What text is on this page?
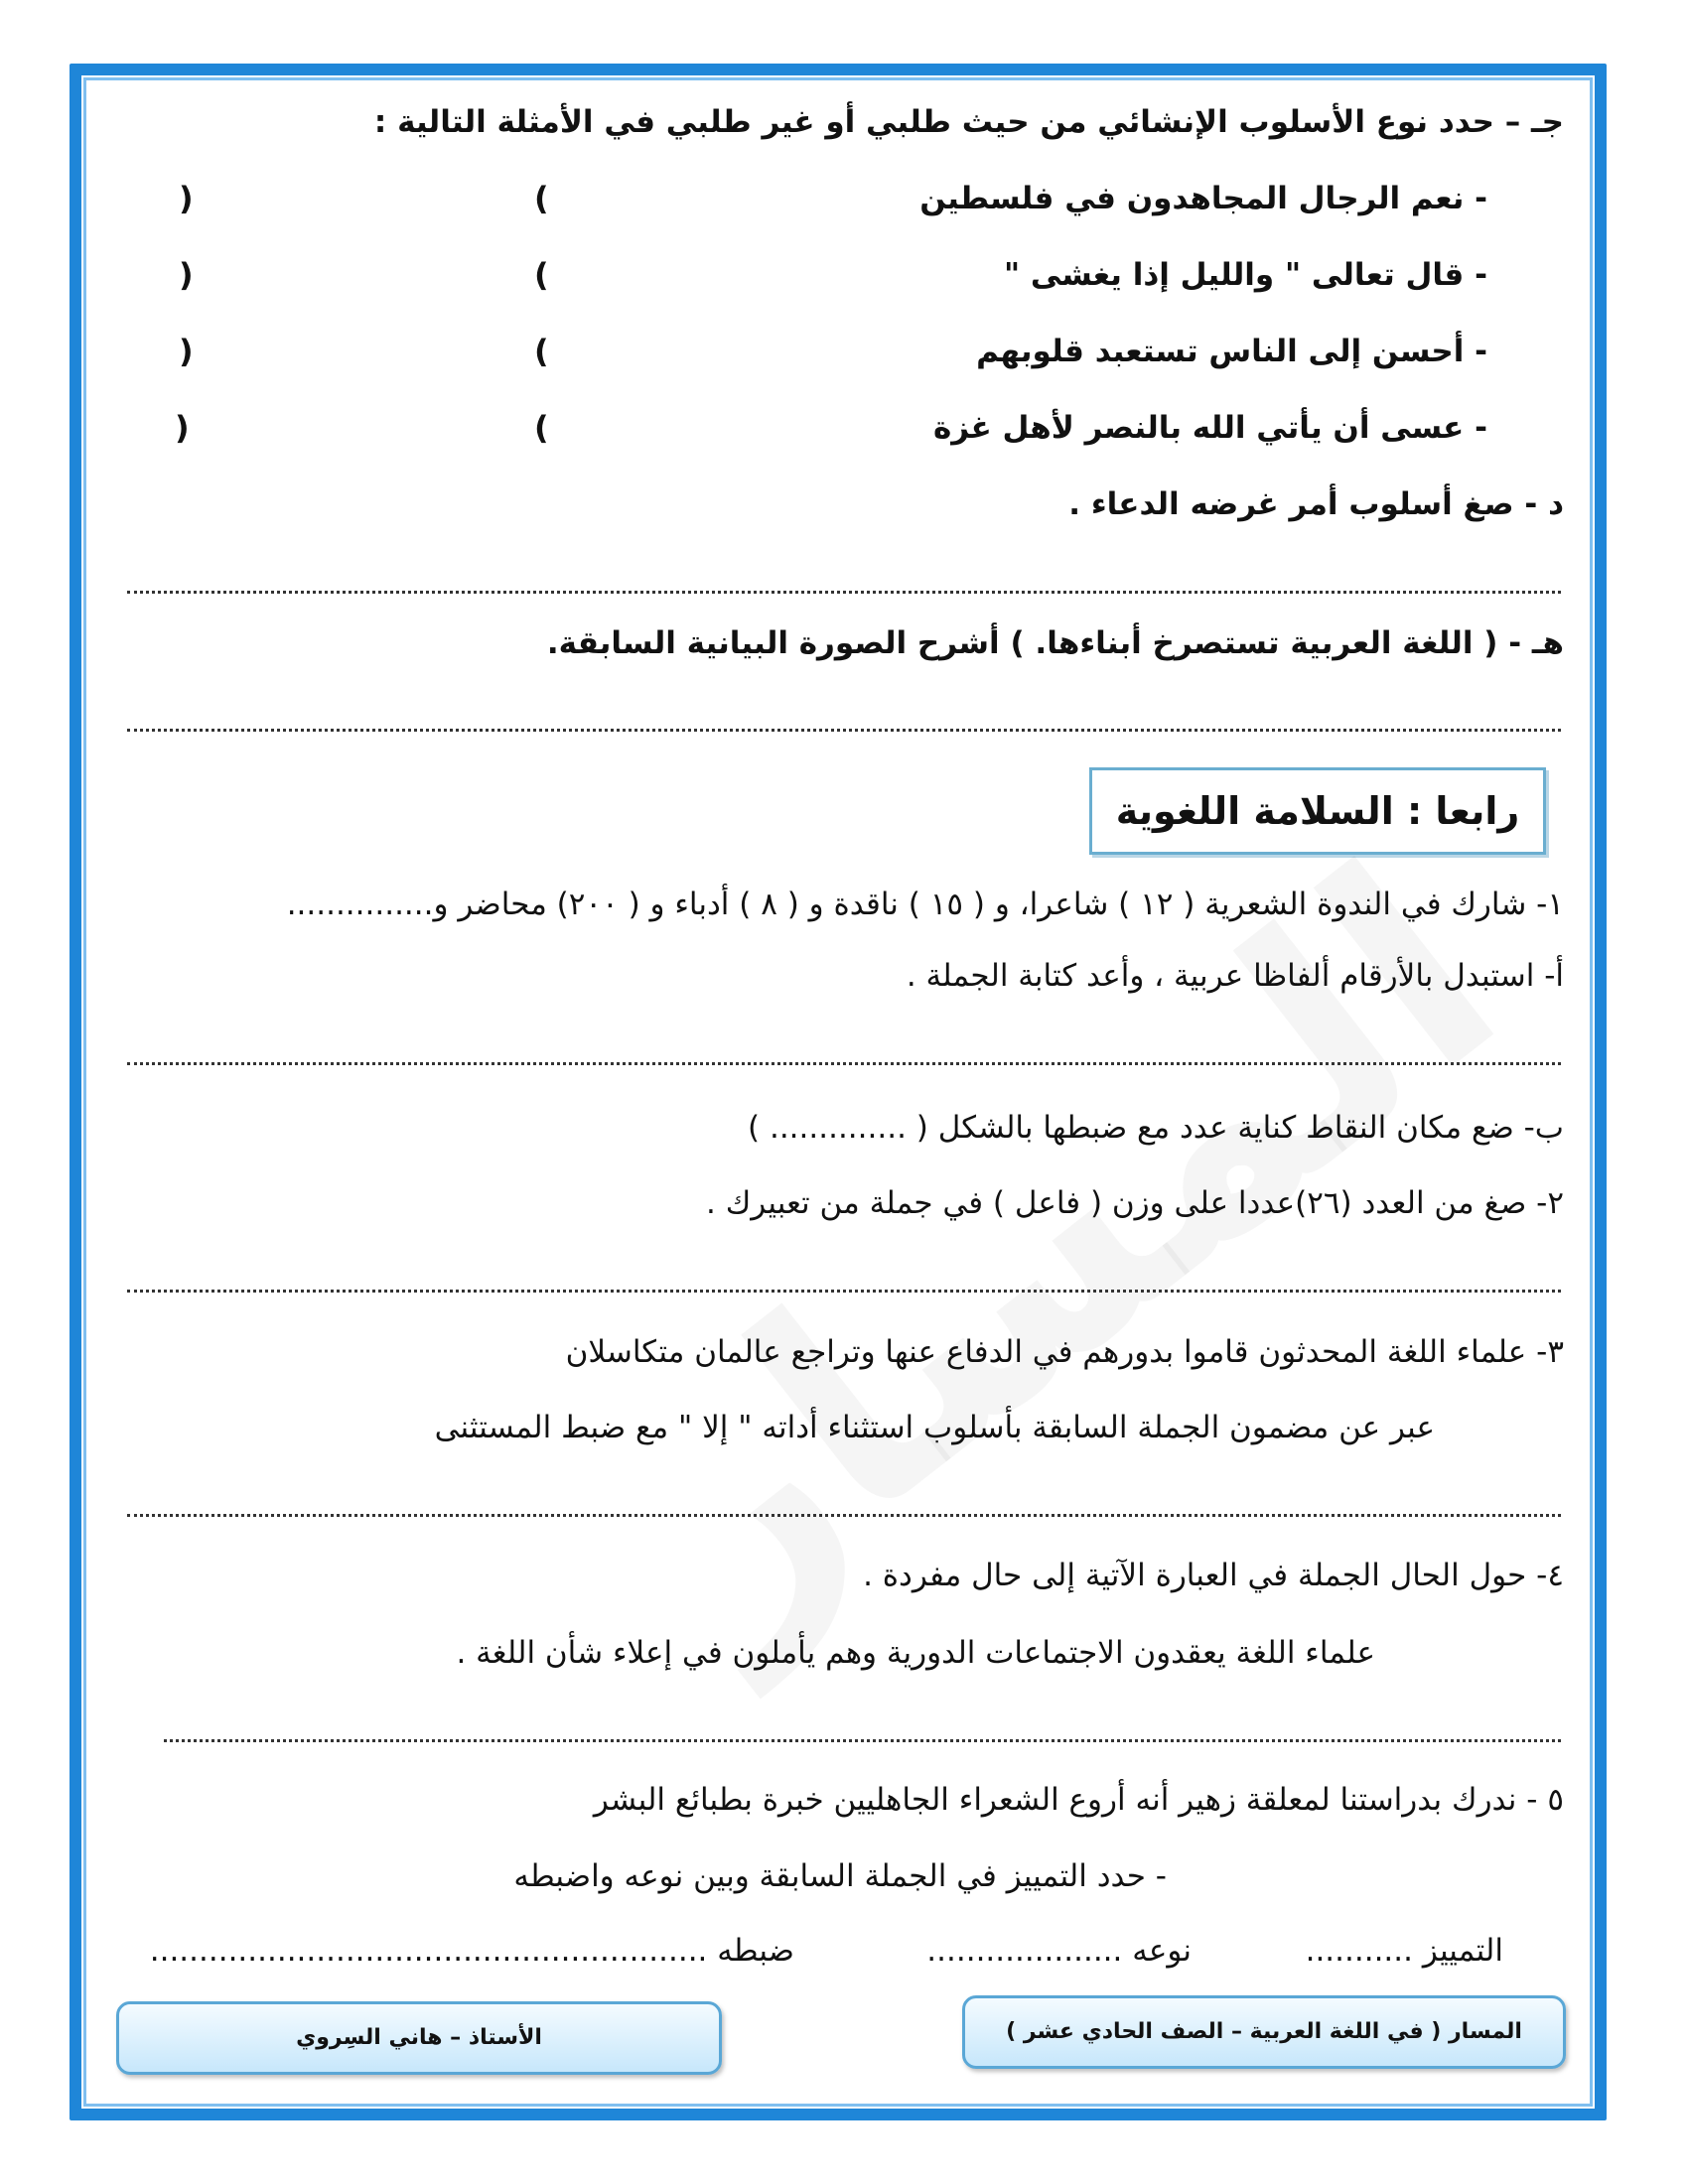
جـ – حدد نوع الأسلوب الإنشائي من حيث طلبي أو غير طلبي في الأمثلة التالية :
- نعم الرجال المجاهدون في فلسطين
(
)
- قال تعالى " والليل إذا يغشى "
(
)
- أحسن إلى الناس تستعبد قلوبهم
(
)
- عسى أن يأتي الله بالنصر لأهل غزة
(
)
د - صغ أسلوب أمر غرضه الدعاء .
هـ - ( اللغة العربية تستصرخ أبناءها. ) أشرح الصورة البيانية السابقة.
رابعا : السلامة اللغوية
١- شارك في الندوة الشعرية ( ١٢ ) شاعرا، و ( ١٥ ) ناقدة و ( ٨ ) أدباء و ( ٢٠٠) محاضر و...............
أ- استبدل بالأرقام ألفاظا عربية ، وأعد كتابة الجملة .
ب- ضع مكان النقاط كناية عدد مع ضبطها بالشكل ( .............. )
٢- صغ من العدد (٢٦)عددا على وزن ( فاعل ) في جملة من تعبيرك .
٣- علماء اللغة المحدثون قاموا بدورهم في الدفاع عنها وتراجع عالمان متكاسلان
عبر عن مضمون الجملة السابقة بأسلوب استثناء أداته " إلا " مع ضبط المستثنى
٤- حول الحال الجملة في العبارة الآتية إلى حال مفردة .
علماء اللغة يعقدون الاجتماعات الدورية وهم يأملون في إعلاء شأن اللغة .
٥ - ندرك بدراستنا لمعلقة زهير أنه أروع الشعراء الجاهليين خبرة بطبائع البشر
- حدد التمييز في الجملة السابقة وبين نوعه واضبطه
التمييز ...........
نوعه ....................
ضبطه .........................................................
المسار ( في اللغة العربية – الصف الحادي عشر )
الأستاذ – هاني السِروي
